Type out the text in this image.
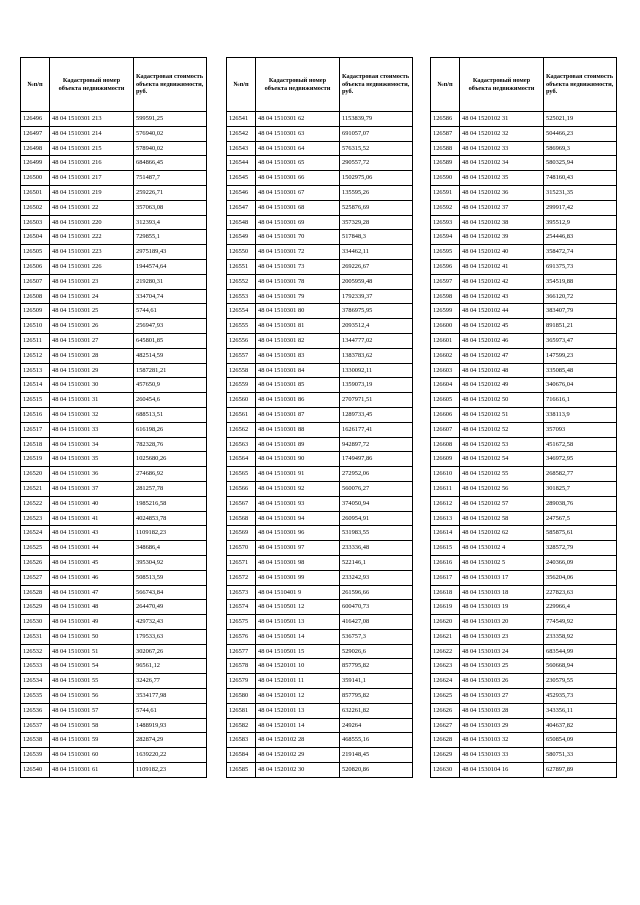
№п/п	Кадастровый номер объекта недвижимости	Кадастровая стоимость объекта недвижимости, руб.
126496	48 04 1510301 213	599591,25
126497	48 04 1510301 214	576940,02
126498	48 04 1510301 215	578940,02
126499	48 04 1510301 216	684866,45
126500	48 04 1510301 217	751487,7
126501	48 04 1510301 219	259226,71
126502	48 04 1510301 22	357063,08
126503	48 04 1510301 220	312393,4
126504	48 04 1510301 222	729855,1
126505	48 04 1510301 223	2975189,43
126506	48 04 1510301 226	1944574,64
126507	48 04 1510301 23	219280,31
126508	48 04 1510301 24	334704,74
126509	48 04 1510301 25	5744,61
126510	48 04 1510301 26	256947,93
126511	48 04 1510301 27	645801,85
126512	48 04 1510301 28	482514,59
126513	48 04 1510301 29	1587281,21
126514	48 04 1510301 30	457650,9
126515	48 04 1510301 31	260454,6
126516	48 04 1510301 32	688513,51
126517	48 04 1510301 33	616198,26
126518	48 04 1510301 34	782328,76
126519	48 04 1510301 35	1025680,26
126520	48 04 1510301 36	274686,92
126521	48 04 1510301 37	281257,78
126522	48 04 1510301 40	1985216,58
126523	48 04 1510301 41	4024853,78
126524	48 04 1510301 43	1109182,23
126525	48 04 1510301 44	348686,4
126526	48 04 1510301 45	395304,92
126527	48 04 1510301 46	508513,59
126528	48 04 1510301 47	566743,84
126529	48 04 1510301 48	264470,49
126530	48 04 1510301 49	429732,43
126531	48 04 1510301 50	179533,63
126532	48 04 1510301 51	302067,26
126533	48 04 1510301 54	96561,12
126534	48 04 1510301 55	32426,77
126535	48 04 1510301 56	3534177,98
126536	48 04 1510301 57	5744,61
126537	48 04 1510301 58	1488919,93
126538	48 04 1510301 59	282874,29
126539	48 04 1510301 60	1639220,22
126540	48 04 1510301 61	1109182,23
№п/п	Кадастровый номер объекта недвижимости	Кадастровая стоимость объекта недвижимости, руб.
126541	48 04 1510301 62	1153839,79
126542	48 04 1510301 63	691057,07
126543	48 04 1510301 64	576315,52
126544	48 04 1510301 65	290557,72
126545	48 04 1510301 66	1502975,06
126546	48 04 1510301 67	135595,26
126547	48 04 1510301 68	525876,69
126548	48 04 1510301 69	357329,28
126549	48 04 1510301 70	517848,3
126550	48 04 1510301 72	334462,11
126551	48 04 1510301 73	269226,67
126552	48 04 1510301 78	2005959,48
126553	48 04 1510301 79	1792339,37
126554	48 04 1510301 80	3786975,95
126555	48 04 1510301 81	2093512,4
126556	48 04 1510301 82	1344777,02
126557	48 04 1510301 83	1383783,62
126558	48 04 1510301 84	1330092,11
126559	48 04 1510301 85	1359073,19
126560	48 04 1510301 86	2707971,51
126561	48 04 1510301 87	1289733,45
126562	48 04 1510301 88	1626177,41
126563	48 04 1510301 89	942897,72
126564	48 04 1510301 90	1749497,86
126565	48 04 1510301 91	272952,06
126566	48 04 1510301 92	560076,27
126567	48 04 1510301 93	374050,94
126568	48 04 1510301 94	260954,91
126569	48 04 1510301 96	531983,55
126570	48 04 1510301 97	233336,48
126571	48 04 1510301 98	522146,1
126572	48 04 1510301 99	233242,93
126573	48 04 1510401 9	261596,66
126574	48 04 1510501 12	600470,73
126575	48 04 1510501 13	416427,08
126576	48 04 1510501 14	536757,3
126577	48 04 1510501 15	529026,6
126578	48 04 1520101 10	857795,82
126579	48 04 1520101 11	359141,1
126580	48 04 1520101 12	857795,82
126581	48 04 1520101 13	632261,82
126582	48 04 1520101 14	249264
126583	48 04 1520102 28	468555,16
126584	48 04 1520102 29	219148,45
126585	48 04 1520102 30	520820,86
№п/п	Кадастровый номер объекта недвижимости	Кадастровая стоимость объекта недвижимости, руб.
126586	48 04 1520102 31	525021,19
126587	48 04 1520102 32	504466,23
126588	48 04 1520102 33	586969,3
126589	48 04 1520102 34	580325,94
126590	48 04 1520102 35	748160,43
126591	48 04 1520102 36	315231,35
126592	48 04 1520102 37	299917,42
126593	48 04 1520102 38	395512,9
126594	48 04 1520102 39	254446,83
126595	48 04 1520102 40	358472,74
126596	48 04 1520102 41	691375,73
126597	48 04 1520102 42	354519,88
126598	48 04 1520102 43	366120,72
126599	48 04 1520102 44	383407,79
126600	48 04 1520102 45	891851,21
126601	48 04 1520102 46	365973,47
126602	48 04 1520102 47	147599,23
126603	48 04 1520102 48	335085,48
126604	48 04 1520102 49	340676,04
126605	48 04 1520102 50	716616,1
126606	48 04 1520102 51	338113,9
126607	48 04 1520102 52	357093
126608	48 04 1520102 53	451672,58
126609	48 04 1520102 54	346972,95
126610	48 04 1520102 55	268582,77
126611	48 04 1520102 56	301825,7
126612	48 04 1520102 57	289038,76
126613	48 04 1520102 58	247567,5
126614	48 04 1520102 62	585875,61
126615	48 04 1530102 4	328572,79
126616	48 04 1530102 5	240366,09
126617	48 04 1530103 17	356204,06
126618	48 04 1530103 18	227823,63
126619	48 04 1530103 19	229966,4
126620	48 04 1530103 20	774549,92
126621	48 04 1530103 23	233358,92
126622	48 04 1530103 24	683544,99
126623	48 04 1530103 25	560668,94
126624	48 04 1530103 26	230579,55
126625	48 04 1530103 27	452935,73
126626	48 04 1530103 28	343356,11
126627	48 04 1530103 29	404637,82
126628	48 04 1530103 32	650854,09
126629	48 04 1530103 33	580751,33
126630	48 04 1530104 16	627897,89
